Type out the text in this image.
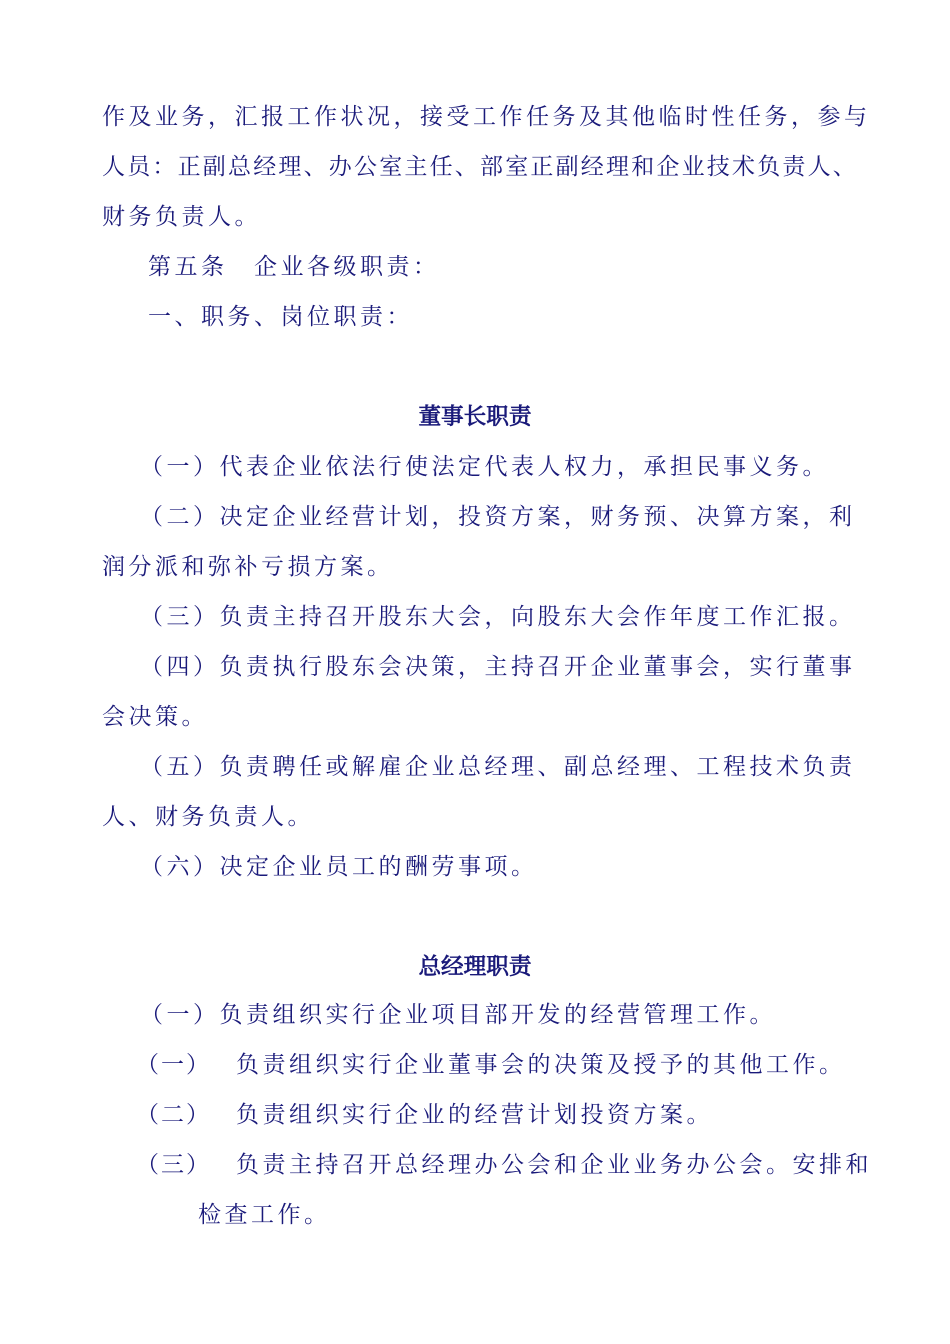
作及业务，汇报工作状况，接受工作任务及其他临时性任务，参与
人员：正副总经理、办公室主任、部室正副经理和企业技术负责人、
财务负责人。
第五条　企业各级职责：
一、职务、岗位职责：
董事长职责
（一）代表企业依法行使法定代表人权力，承担民事义务。
（二）决定企业经营计划，投资方案，财务预、决算方案，利
润分派和弥补亏损方案。
（三）负责主持召开股东大会，向股东大会作年度工作汇报。
（四）负责执行股东会决策，主持召开企业董事会，实行董事
会决策。
（五）负责聘任或解雇企业总经理、副总经理、工程技术负责
人、财务负责人。
（六）决定企业员工的酬劳事项。
总经理职责
（一）负责组织实行企业项目部开发的经营管理工作。
（一） 负责组织实行企业董事会的决策及授予的其他工作。
（二） 负责组织实行企业的经营计划投资方案。
（三） 负责主持召开总经理办公会和企业业务办公会。安排和
检查工作。
